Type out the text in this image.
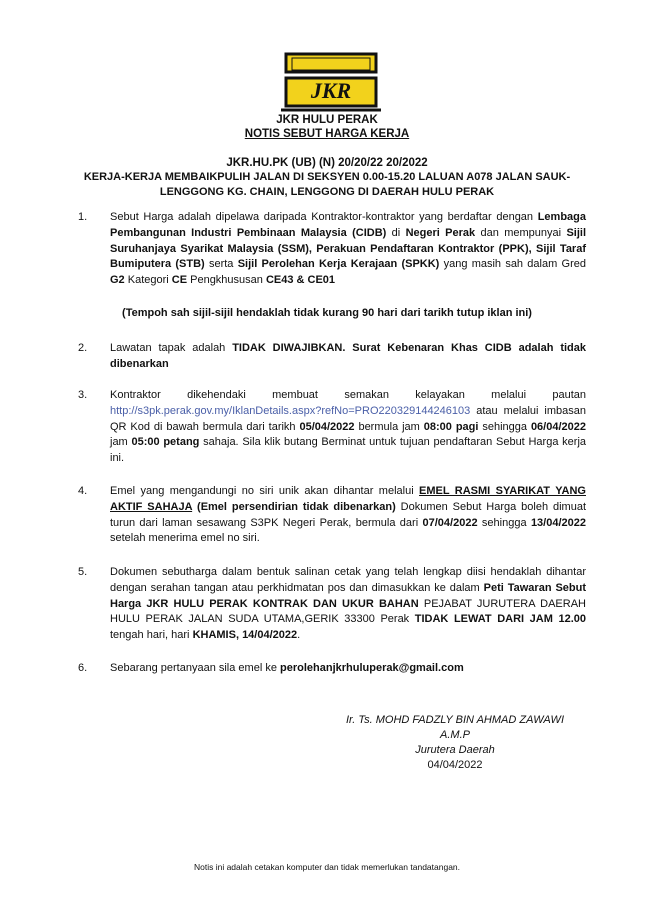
JKR
JKR HULU PERAK
NOTIS SEBUT HARGA KERJA
JKR.HU.PK (UB) (N) 20/20/22 20/2022
KERJA-KERJA MEMBAIKPULIH JALAN DI SEKSYEN 0.00-15.20 LALUAN A078 JALAN SAUK-LENGGONG KG. CHAIN, LENGGONG DI DAERAH HULU PERAK
1.	Sebut Harga adalah dipelawa daripada Kontraktor-kontraktor yang berdaftar dengan Lembaga Pembangunan Industri Pembinaan Malaysia (CIDB) di Negeri Perak dan mempunyai Sijil Suruhanjaya Syarikat Malaysia (SSM), Perakuan Pendaftaran Kontraktor (PPK), Sijil Taraf Bumiputera (STB) serta Sijil Perolehan Kerja Kerajaan (SPKK) yang masih sah dalam Gred G2 Kategori CE Pengkhususan CE43 & CE01
(Tempoh sah sijil-sijil hendaklah tidak kurang 90 hari dari tarikh tutup iklan ini)
2.	Lawatan tapak adalah TIDAK DIWAJIBKAN. Surat Kebenaran Khas CIDB adalah tidak dibenarkan
3.	Kontraktor dikehendaki membuat semakan kelayakan melalui pautan http://s3pk.perak.gov.my/IklanDetails.aspx?refNo=PRO220329144246103 atau melalui imbasan QR Kod di bawah bermula dari tarikh 05/04/2022 bermula jam 08:00 pagi sehingga 06/04/2022 jam 05:00 petang sahaja. Sila klik butang Berminat untuk tujuan pendaftaran Sebut Harga kerja ini.
4.	Emel yang mengandungi no siri unik akan dihantar melalui EMEL RASMI SYARIKAT YANG AKTIF SAHAJA (Emel persendirian tidak dibenarkan) Dokumen Sebut Harga boleh dimuat turun dari laman sesawang S3PK Negeri Perak, bermula dari 07/04/2022 sehingga 13/04/2022 setelah menerima emel no siri.
5.	Dokumen sebutharga dalam bentuk salinan cetak yang telah lengkap diisi hendaklah dihantar dengan serahan tangan atau perkhidmatan pos dan dimasukkan ke dalam Peti Tawaran Sebut Harga JKR HULU PERAK KONTRAK DAN UKUR BAHAN PEJABAT JURUTERA DAERAH HULU PERAK JALAN SUDA UTAMA,GERIK 33300 Perak TIDAK LEWAT DARI JAM 12.00 tengah hari, hari KHAMIS, 14/04/2022.
6.	Sebarang pertanyaan sila emel ke perolehanjkrhuluperak@gmail.com
Ir. Ts. MOHD FADZLY BIN AHMAD ZAWAWI
A.M.P
Jurutera Daerah
04/04/2022
Notis ini adalah cetakan komputer dan tidak memerlukan tandatangan.
